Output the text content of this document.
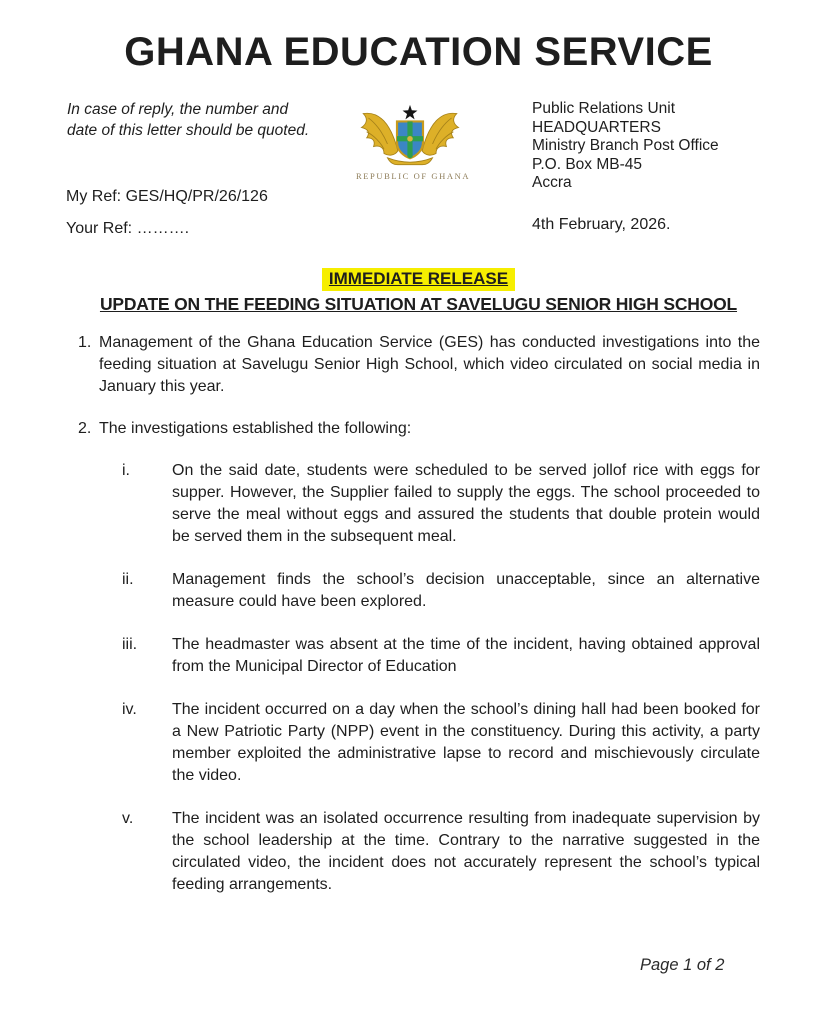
GHANA EDUCATION SERVICE
In case of reply, the number and
date of this letter should be quoted.
REPUBLIC OF GHANA
Public Relations Unit
HEADQUARTERS
Ministry Branch Post Office
P.O. Box MB-45
Accra
My Ref: GES/HQ/PR/26/126
Your Ref: ……….	4th February, 2026.
IMMEDIATE RELEASE
UPDATE ON THE FEEDING SITUATION AT SAVELUGU SENIOR HIGH SCHOOL
1. Management of the Ghana Education Service (GES) has conducted investigations into the feeding situation at Savelugu Senior High School, which video circulated on social media in January this year.
2. The investigations established the following:
i.	On the said date, students were scheduled to be served jollof rice with eggs for supper. However, the Supplier failed to supply the eggs. The school proceeded to serve the meal without eggs and assured the students that double protein would be served them in the subsequent meal.
ii.	Management finds the school’s decision unacceptable, since an alternative measure could have been explored.
iii.	The headmaster was absent at the time of the incident, having obtained approval from the Municipal Director of Education
iv.	The incident occurred on a day when the school’s dining hall had been booked for a New Patriotic Party (NPP) event in the constituency. During this activity, a party member exploited the administrative lapse to record and mischievously circulate the video.
v.	The incident was an isolated occurrence resulting from inadequate supervision by the school leadership at the time. Contrary to the narrative suggested in the circulated video, the incident does not accurately represent the school’s typical feeding arrangements.
Page 1 of 2
